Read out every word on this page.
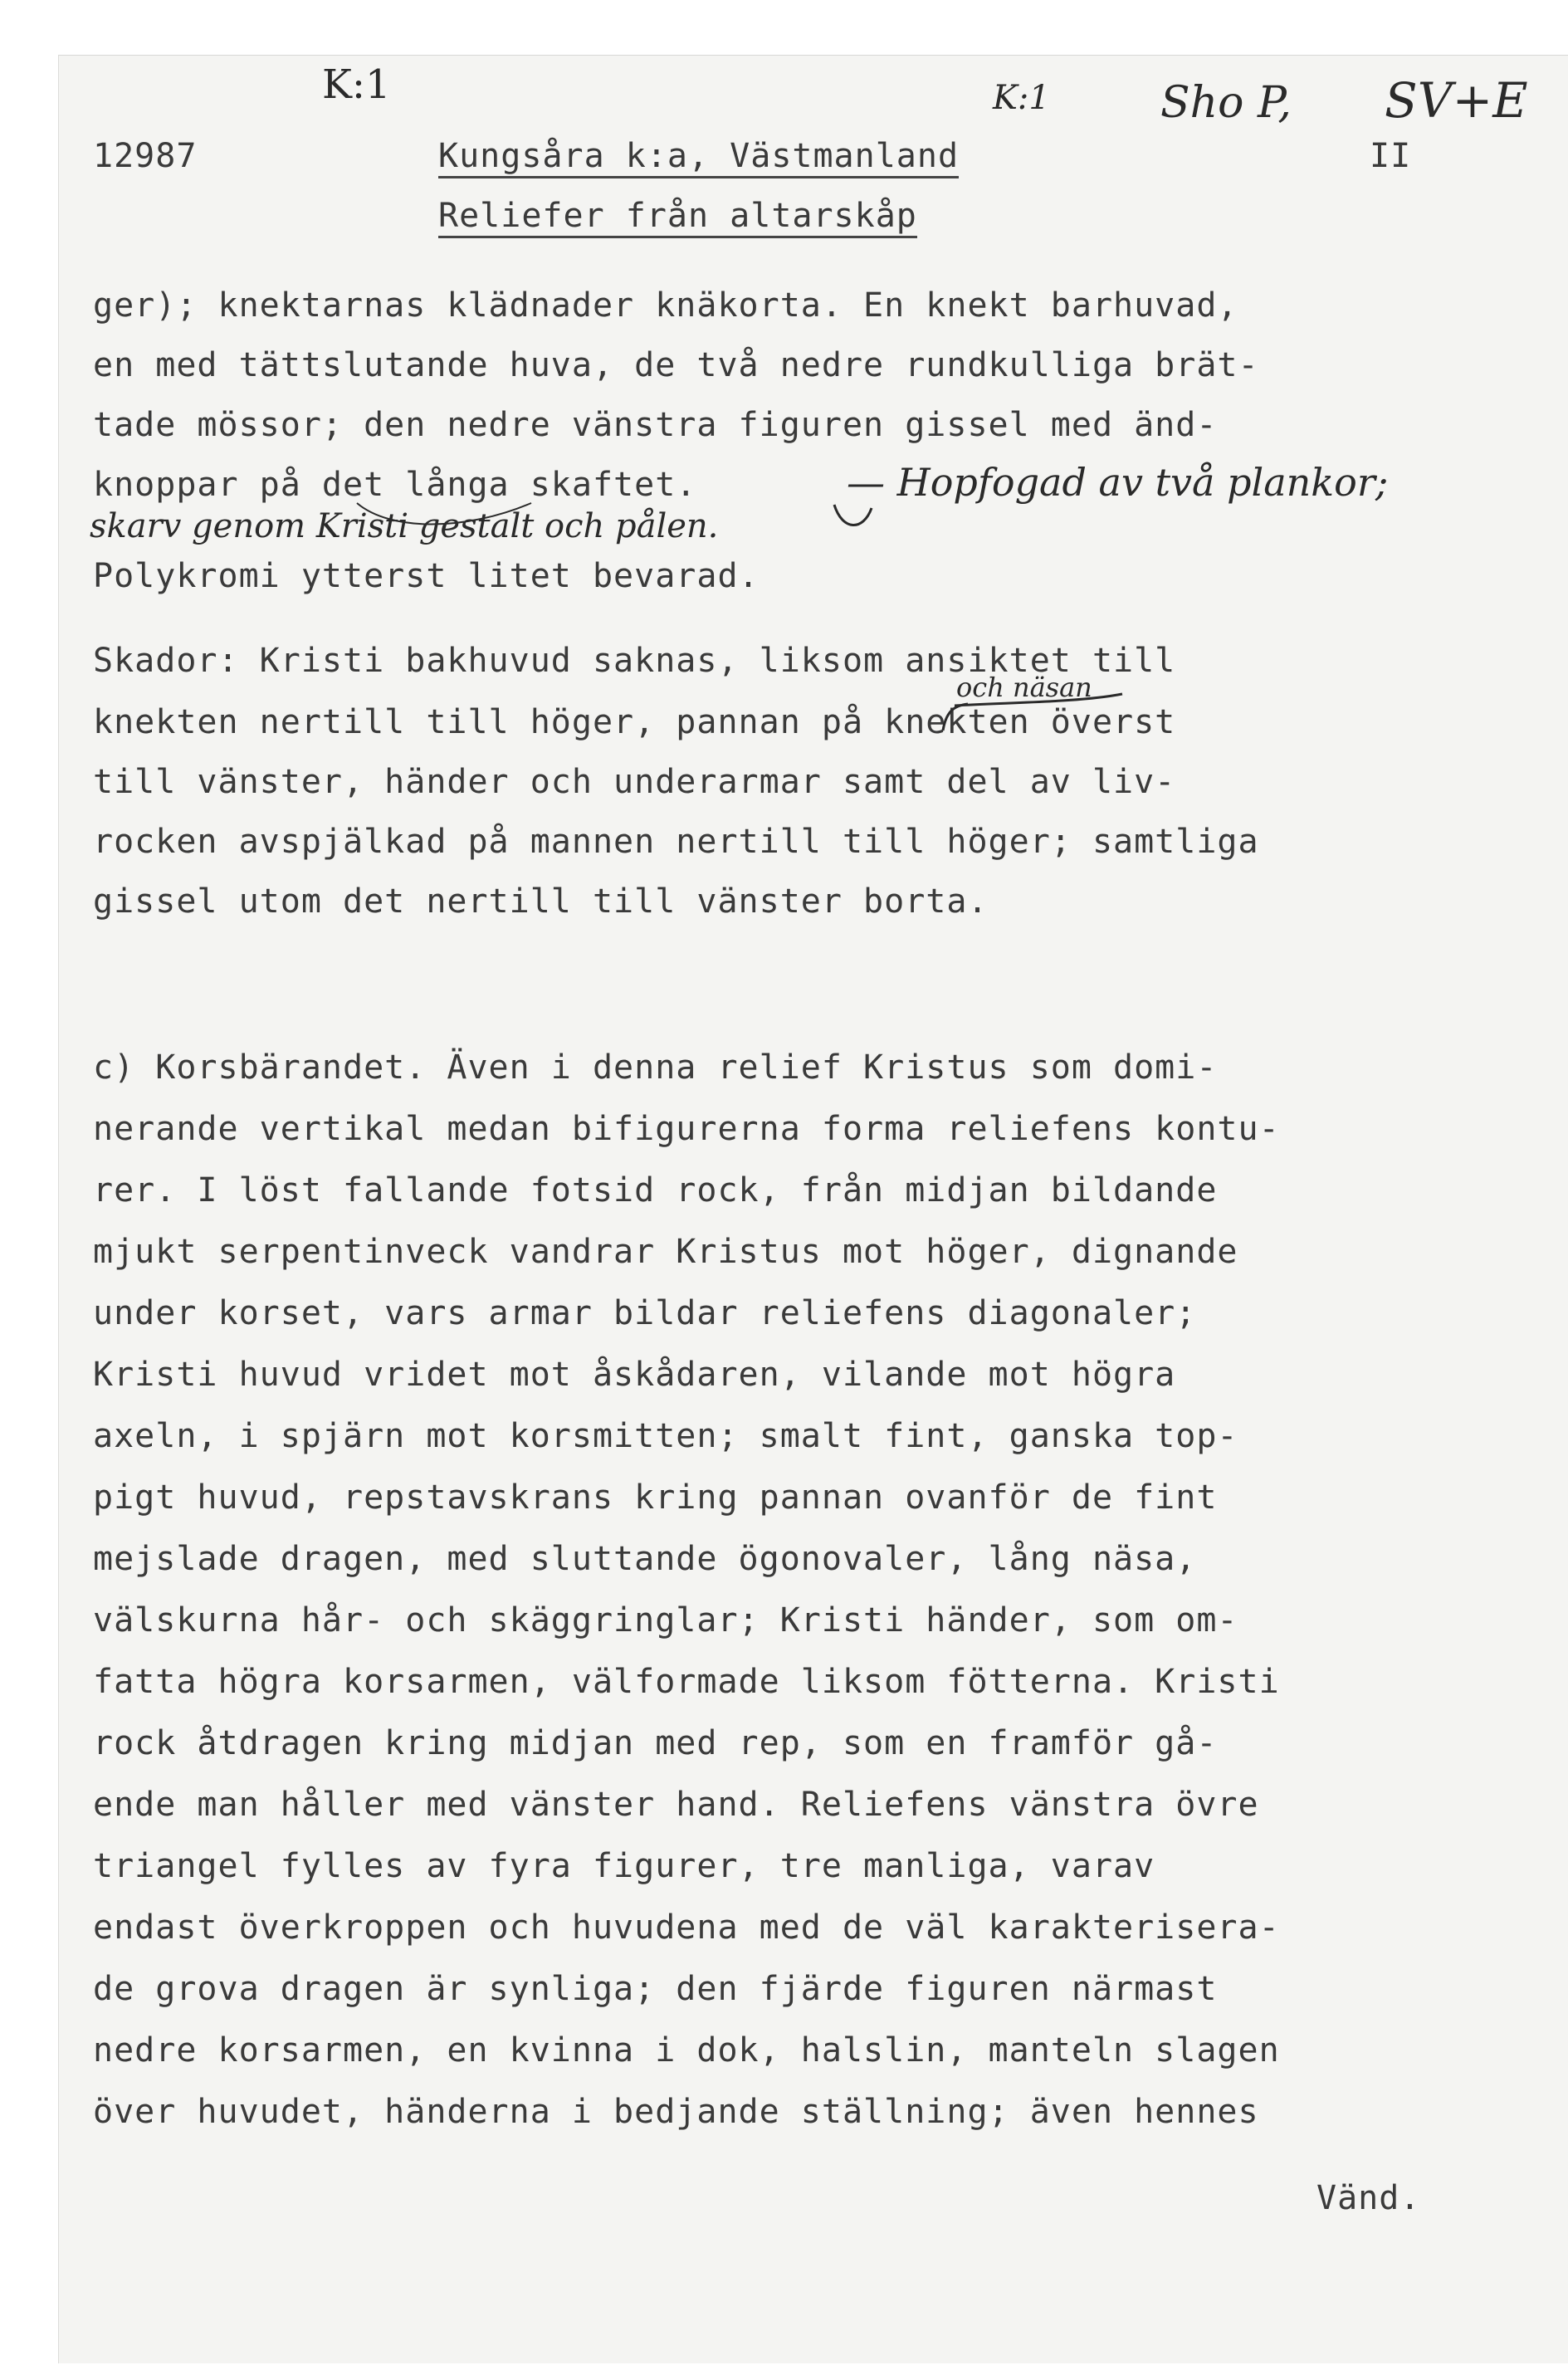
K:1	K:1	Sho P, SV+E
12987	Kungsåra k:a, Västmanland	II
Reliefer från altarskåp
ger); knektarnas klädnader knäkorta. En knekt barhuvad,
en med tättslutande huva, de två nedre rundkulliga brät-
tade mössor; den nedre vänstra figuren gissel med änd-
knoppar på det långa skaftet.	— Hopfogad av två plankor;
skarv genom Kristi gestalt och pålen.
Polykromi ytterst litet bevarad.
Skador: Kristi bakhuvud saknas, liksom ansiktet till
och näsan
knekten nertill till höger, pannan på knekten överst
till vänster, händer och underarmar samt del av liv-
rocken avspjälkad på mannen nertill till höger; samtliga
gissel utom det nertill till vänster borta.
c) Korsbärandet. Även i denna relief Kristus som domi-
nerande vertikal medan bifigurerna forma reliefens kontu-
rer. I löst fallande fotsid rock, från midjan bildande
mjukt serpentinveck vandrar Kristus mot höger, dignande
under korset, vars armar bildar reliefens diagonaler;
Kristi huvud vridet mot åskådaren, vilande mot högra
axeln, i spjärn mot korsmitten; smalt fint, ganska top-
pigt huvud, repstavskrans kring pannan ovanför de fint
mejslade dragen, med sluttande ögonovaler, lång näsa,
välskurna hår- och skäggringlar; Kristi händer, som om-
fatta högra korsarmen, välformade liksom fötterna. Kristi
rock åtdragen kring midjan med rep, som en framför gå-
ende man håller med vänster hand. Reliefens vänstra övre
triangel fylles av fyra figurer, tre manliga, varav
endast överkroppen och huvudena med de väl karakterisera-
de grova dragen är synliga; den fjärde figuren närmast
nedre korsarmen, en kvinna i dok, halslin, manteln slagen
över huvudet, händerna i bedjande ställning; även hennes
Vänd.
